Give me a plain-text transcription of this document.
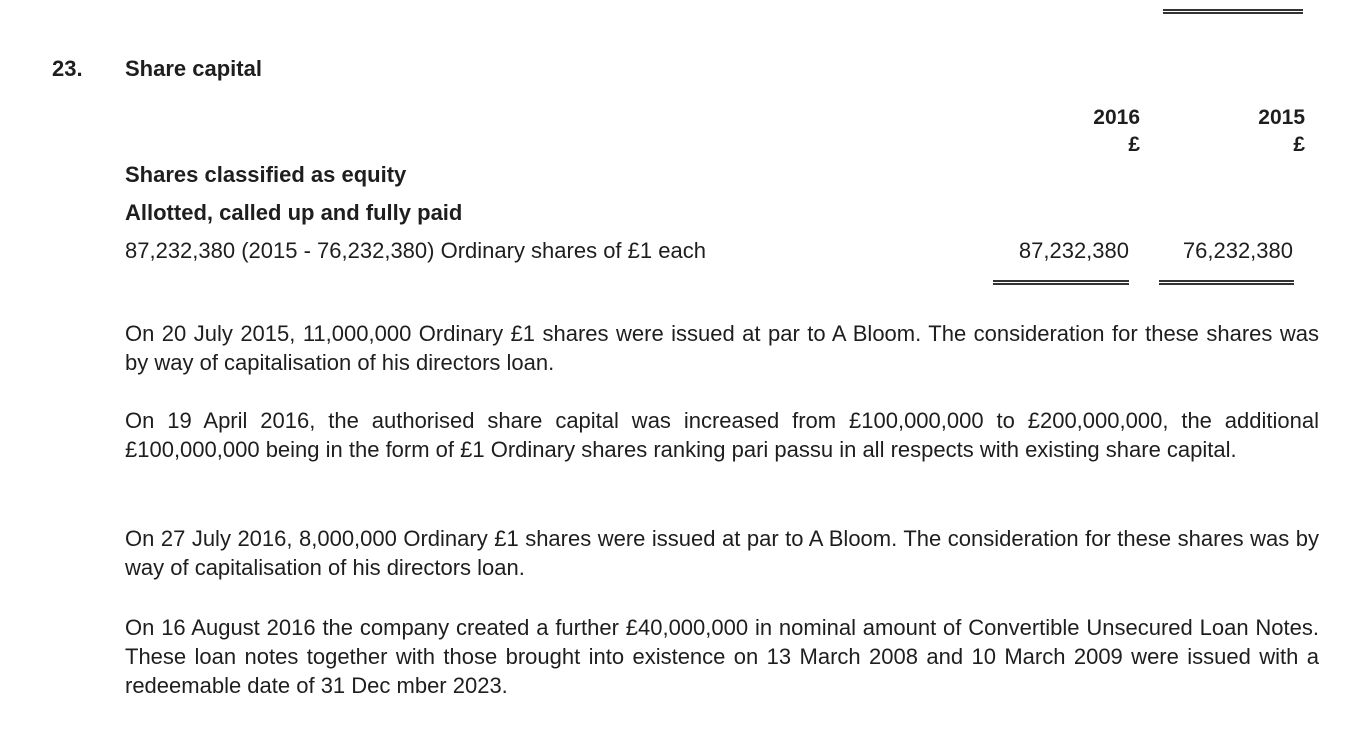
23. Share capital
2016
£
2015
£
Shares classified as equity
Allotted, called up and fully paid
87,232,380 (2015 - 76,232,380) Ordinary shares of £1 each	87,232,380 76,232,380

On 20 July 2015, 11,000,000 Ordinary £1 shares were issued at par to A Bloom. The consideration for these shares was by way of capitalisation of his directors loan.

On 19 April 2016, the authorised share capital was increased from £100,000,000 to £200,000,000, the additional £100,000,000 being in the form of £1 Ordinary shares ranking pari passu in all respects with existing share capital.

On 27 July 2016, 8,000,000 Ordinary £1 shares were issued at par to A Bloom. The consideration for these shares was by way of capitalisation of his directors loan.

On 16 August 2016 the company created a further £40,000,000 in nominal amount of Convertible Unsecured Loan Notes. These loan notes together with those brought into existence on 13 March 2008 and 10 March 2009 were issued with a redeemable date of 31 Dec mber 2023.
